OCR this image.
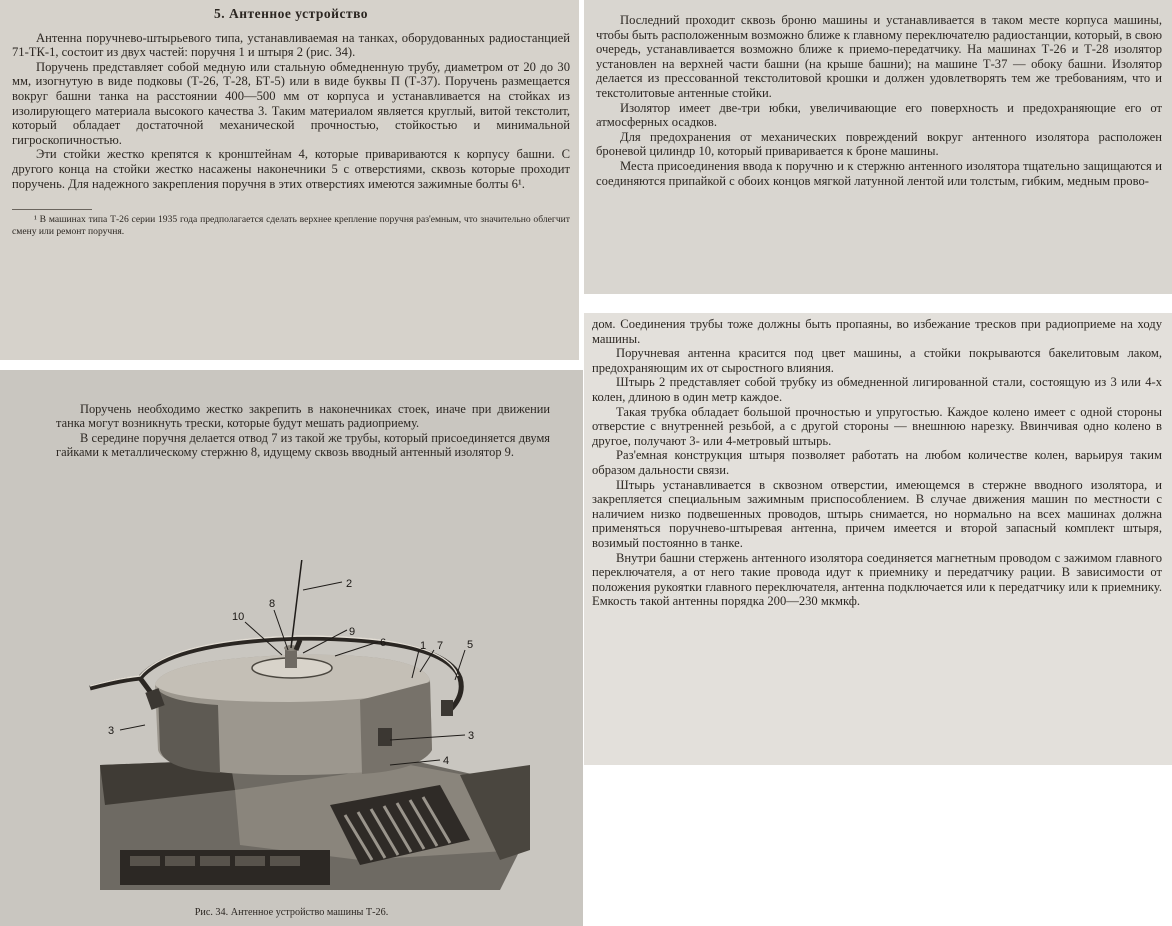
5. Антенное устройство

Антенна поручнево-штырьевого типа, устанавливаемая на танках, оборудованных радиостанцией 71-ТК-1, состоит из двух частей: поручня 1 и штыря 2 (рис. 34).

Поручень представляет собой медную или стальную обмедненную трубу, диаметром от 20 до 30 мм, изогнутую в виде подковы (Т-26, Т-28, БТ-5) или в виде буквы П (Т-37). Поручень размещается вокруг башни танка на расстоянии 400—500 мм от корпуса и устанавливается на стойках из изолирующего материала высокого качества 3. Таким материалом является круглый, витой текстолит, который обладает достаточной механической прочностью, стойкостью и минимальной гигроскопичностью.

Эти стойки жестко крепятся к кронштейнам 4, которые привариваются к корпусу башни. С другого конца на стойки жестко насажены наконечники 5 с отверстиями, сквозь которые проходит поручень. Для надежного закрепления поручня в этих отверстиях имеются зажимные болты 6¹.

¹ В машинах типа Т-26 серии 1935 года предполагается сделать верхнее крепление поручня раз'емным, что значительно облегчит смену или ремонт поручня.

Поручень необходимо жестко закрепить в наконечниках стоек, иначе при движении танка могут возникнуть трески, которые будут мешать радиоприему.

В середине поручня делается отвод 7 из такой же трубы, который присоединяется двумя гайками к металлическому стержню 8, идущему сквозь вводный антенный изолятор 9.

2
10
8
9
6	1 7 5
3	3
4
Рис. 34. Антенное устройство машины Т-26.

Последний проходит сквозь броню машины и устанавливается в таком месте корпуса машины, чтобы быть расположенным возможно ближе к главному переключателю радиостанции, который, в свою очередь, устанавливается возможно ближе к приемо-передатчику. На машинах Т-26 и Т-28 изолятор установлен на верхней части башни (на крыше башни); на машине Т-37 — обоку башни. Изолятор делается из прессованной текстолитовой крошки и должен удовлетворять тем же требованиям, что и текстолитовые антенные стойки.

Изолятор имеет две-три юбки, увеличивающие его поверхность и предохраняющие его от атмосферных осадков.

Для предохранения от механических повреждений вокруг антенного изолятора расположен броневой цилиндр 10, который приваривается к броне машины.

Места присоединения ввода к поручню и к стержню антенного изолятора тщательно защищаются и соединяются припайкой с обоих концов мягкой латунной лентой или толстым, гибким, медным прово-

дом. Соединения трубы тоже должны быть пропаяны, во избежание тресков при радиоприеме на ходу машины.

Поручневая антенна красится под цвет машины, а стойки покрываются бакелитовым лаком, предохраняющим их от сыростного влияния.

Штырь 2 представляет собой трубку из обмедненной лигированной стали, состоящую из 3 или 4-х колен, длиною в один метр каждое.

Такая трубка обладает большой прочностью и упругостью. Каждое колено имеет с одной стороны отверстие с внутренней резьбой, а с другой стороны — внешнюю нарезку. Ввинчивая одно колено в другое, получают 3- или 4-метровый штырь.

Раз'емная конструкция штыря позволяет работать на любом количестве колен, варьируя таким образом дальности связи.

Штырь устанавливается в сквозном отверстии, имеющемся в стержне вводного изолятора, и закрепляется специальным зажимным приспособлением. В случае движения машин по местности с наличием низко подвешенных проводов, штырь снимается, но нормально на всех машинах должна применяться поручнево-штыревая антенна, причем имеется и второй запасный комплект штыря, возимый постоянно в танке.

Внутри башни стержень антенного изолятора соединяется магнетным проводом с зажимом главного переключателя, а от него такие провода идут к приемнику и передатчику рации. В зависимости от положения рукоятки главного переключателя, антенна подключается или к передатчику или к приемнику. Емкость такой антенны порядка 200—230 мкмкф.
